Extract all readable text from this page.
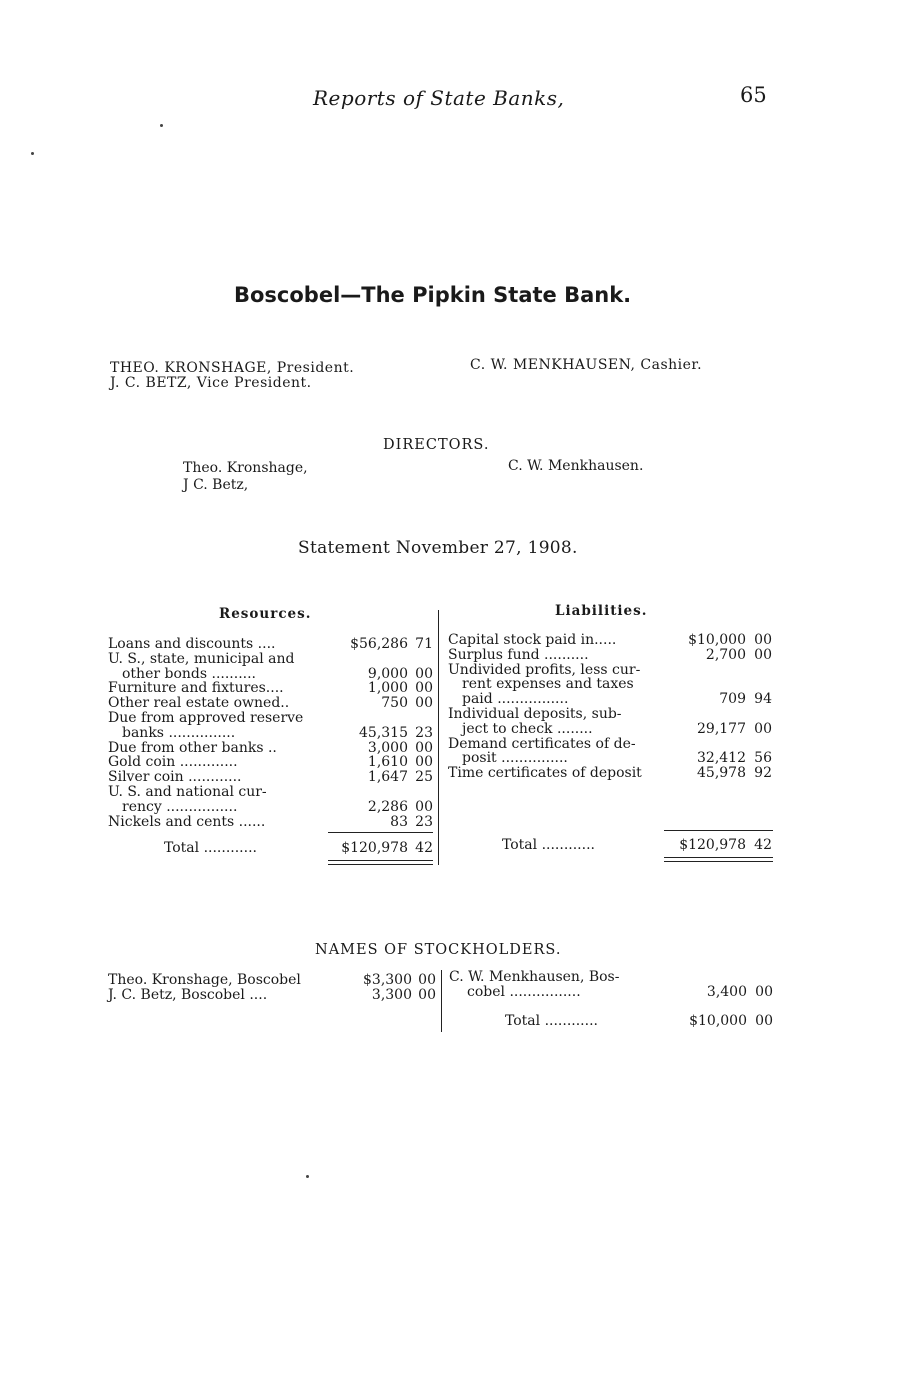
Reports of State Banks,	65
Boscobel—The Pipkin State Bank.
THEO. KRONSHAGE, President.
J. C. BETZ, Vice President.
C. W. MENKHAUSEN, Cashier.
DIRECTORS.
Theo. Kronshage,
J C. Betz,
C. W. Menkhausen.
Statement November 27, 1908.
Resources.
Loans and discounts ....	$56,286 71
U. S., state, municipal and
other bonds ..........	9,000 00
Furniture and fixtures....	1,000 00
Other real estate owned..	750 00
Due from approved reserve
banks ...............	45,315 23
Due from other banks ..	3,000 00
Gold coin .............	1,610 00
Silver coin ............	1,647 25
U. S. and national cur-
rency ................	2,286 00
Nickels and cents ......	83 23
Total ............	$120,978 42
Liabilities.
Capital stock paid in.....	$10,000 00
Surplus fund ..........	2,700 00
Undivided profits, less cur-
rent expenses and taxes
paid ................	709 94
Individual deposits, sub-
ject to check ........	29,177 00
Demand certificates of de-
posit ...............	32,412 56
Time certificates of deposit	45,978 92
Total ............	$120,978 42
NAMES OF STOCKHOLDERS.
Theo. Kronshage, Boscobel	$3,300 00
J. C. Betz, Boscobel ....	3,300 00
C. W. Menkhausen, Bos-
cobel ................	3,400 00
Total ............	$10,000 00
